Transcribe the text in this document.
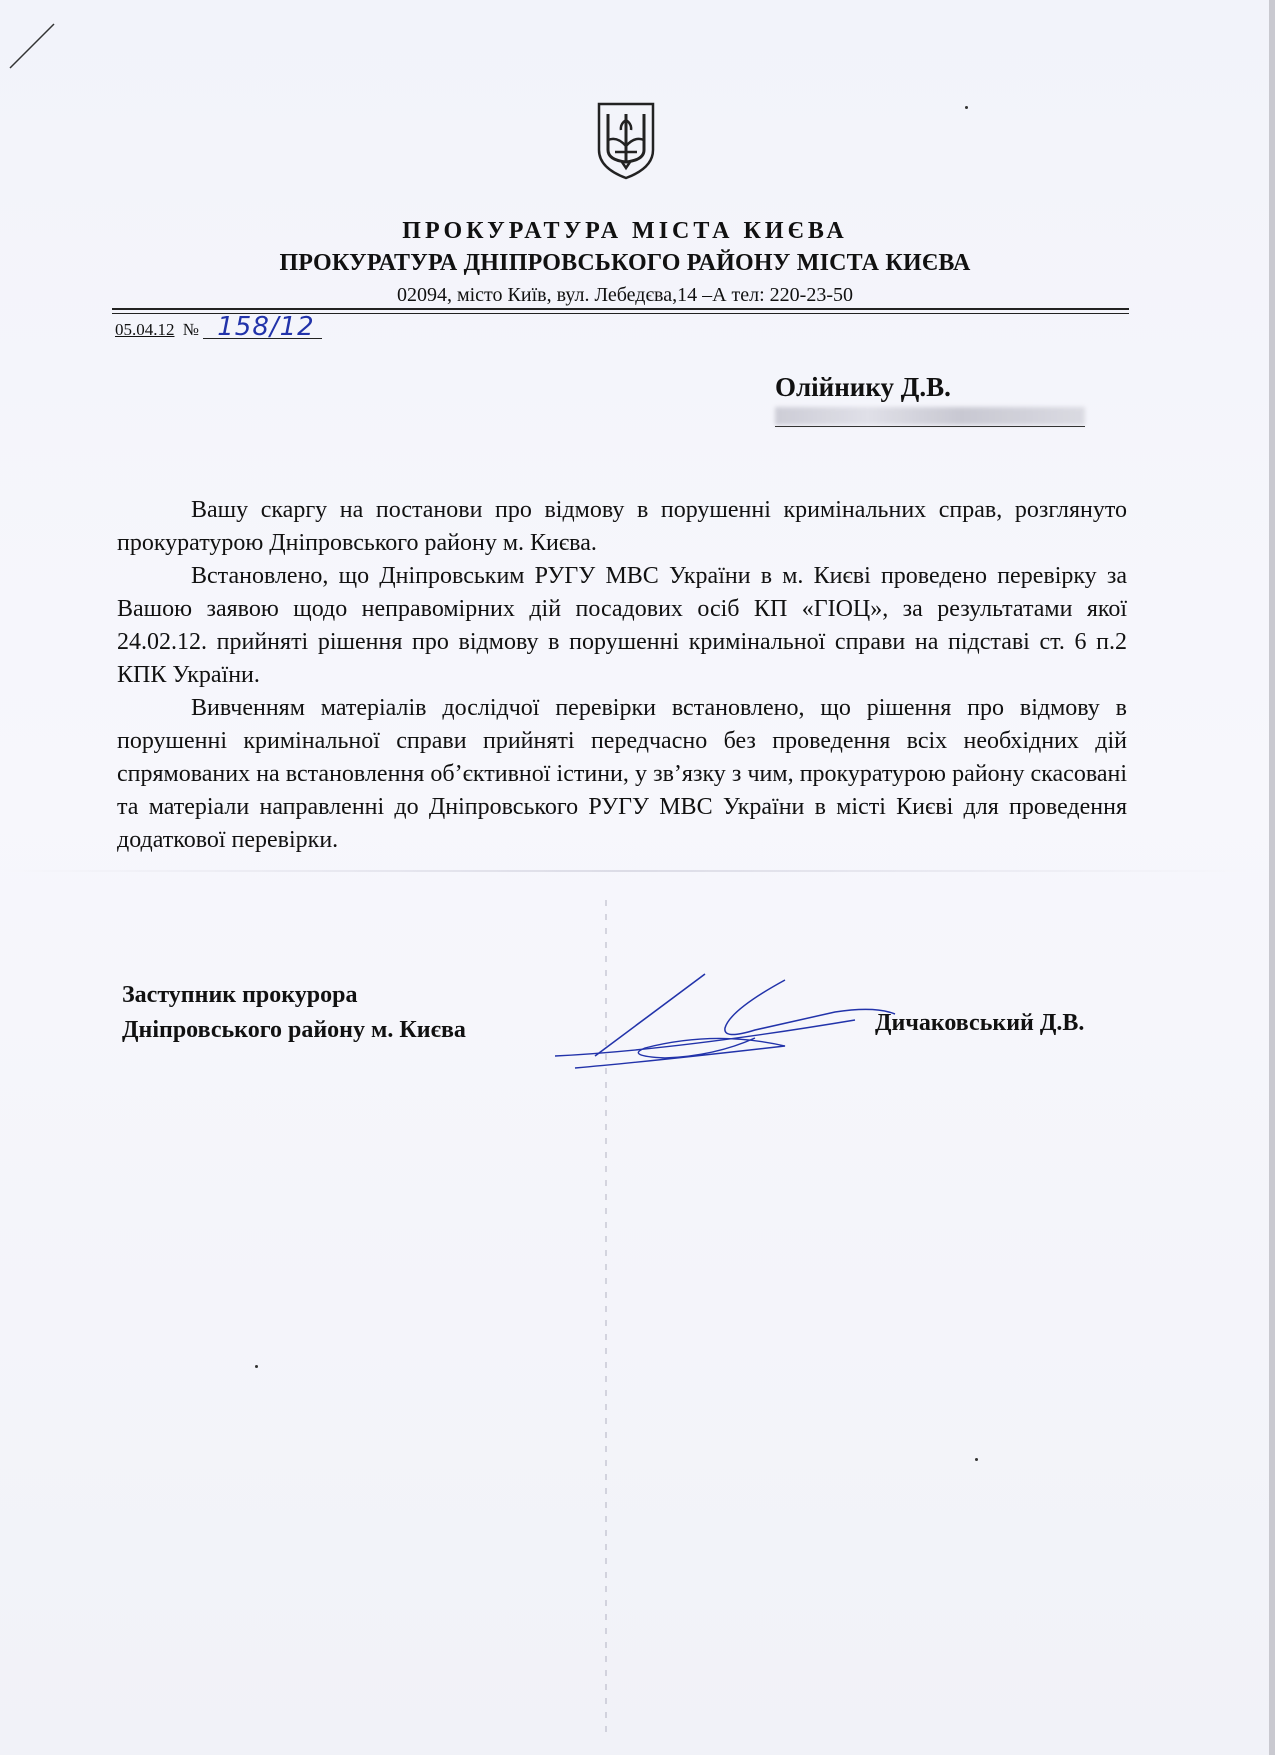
ПРОКУРАТУРА МІСТА КИЄВА
ПРОКУРАТУРА ДНІПРОВСЬКОГО РАЙОНУ МІСТА КИЄВА
02094, місто Київ, вул. Лебедєва,14 –А тел: 220-23-50
05.04.12 № 158/12
Олійнику Д.В.

Вашу скаргу на постанови про відмову в порушенні кримінальних справ, розглянуто прокуратурою Дніпровського району м. Києва.

Встановлено, що Дніпровським РУГУ МВС України в м. Києві проведено перевірку за Вашою заявою щодо неправомірних дій посадових осіб КП «ГІОЦ», за результатами якої 24.02.12. прийняті рішення про відмову в порушенні кримінальної справи на підставі ст. 6 п.2 КПК України.

Вивченням матеріалів дослідчої перевірки встановлено, що рішення про відмову в порушенні кримінальної справи прийняті передчасно без проведення всіх необхідних дій спрямованих на встановлення об’єктивної істини, у зв’язку з чим, прокуратурою району скасовані та матеріали направленні до Дніпровського РУГУ МВС України в місті Києві для проведення додаткової перевірки.

Заступник прокурора
Дніпровського району м. Києва	Дичаковський Д.В.
